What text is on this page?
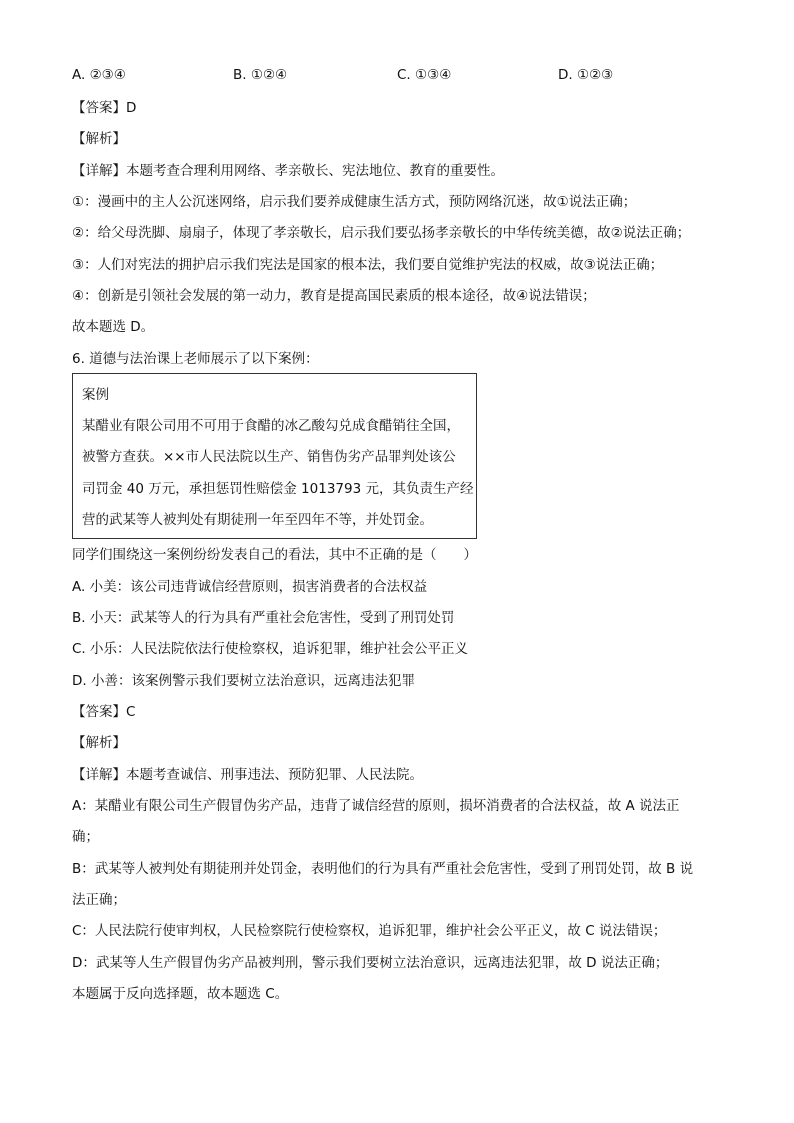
A. ②③④	B. ①②④	C. ①③④	D. ①②③
【答案】D
【解析】
【详解】本题考查合理利用网络、孝亲敬长、宪法地位、教育的重要性。
①：漫画中的主人公沉迷网络，启示我们要养成健康生活方式，预防网络沉迷，故①说法正确；
②：给父母洗脚、扇扇子，体现了孝亲敬长，启示我们要弘扬孝亲敬长的中华传统美德，故②说法正确；
③：人们对宪法的拥护启示我们宪法是国家的根本法，我们要自觉维护宪法的权威，故③说法正确；
④：创新是引领社会发展的第一动力，教育是提高国民素质的根本途径，故④说法错误；
故本题选 D。
6. 道德与法治课上老师展示了以下案例：
案例
某醋业有限公司用不可用于食醋的冰乙酸勾兑成食醋销往全国，
被警方查获。××市人民法院以生产、销售伪劣产品罪判处该公
司罚金 40 万元，承担惩罚性赔偿金 1013793 元，其负责生产经
营的武某等人被判处有期徒刑一年至四年不等，并处罚金。
同学们围绕这一案例纷纷发表自己的看法，其中不正确的是（　　）
A. 小美：该公司违背诚信经营原则，损害消费者的合法权益
B. 小天：武某等人的行为具有严重社会危害性，受到了刑罚处罚
C. 小乐：人民法院依法行使检察权，追诉犯罪，维护社会公平正义
D. 小善：该案例警示我们要树立法治意识，远离违法犯罪
【答案】C
【解析】
【详解】本题考查诚信、刑事违法、预防犯罪、人民法院。
A：某醋业有限公司生产假冒伪劣产品，违背了诚信经营的原则，损坏消费者的合法权益，故 A 说法正
确；
B：武某等人被判处有期徒刑并处罚金，表明他们的行为具有严重社会危害性，受到了刑罚处罚，故 B 说
法正确；
C：人民法院行使审判权，人民检察院行使检察权，追诉犯罪，维护社会公平正义，故 C 说法错误；
D：武某等人生产假冒伪劣产品被判刑，警示我们要树立法治意识，远离违法犯罪，故 D 说法正确；
本题属于反向选择题，故本题选 C。
